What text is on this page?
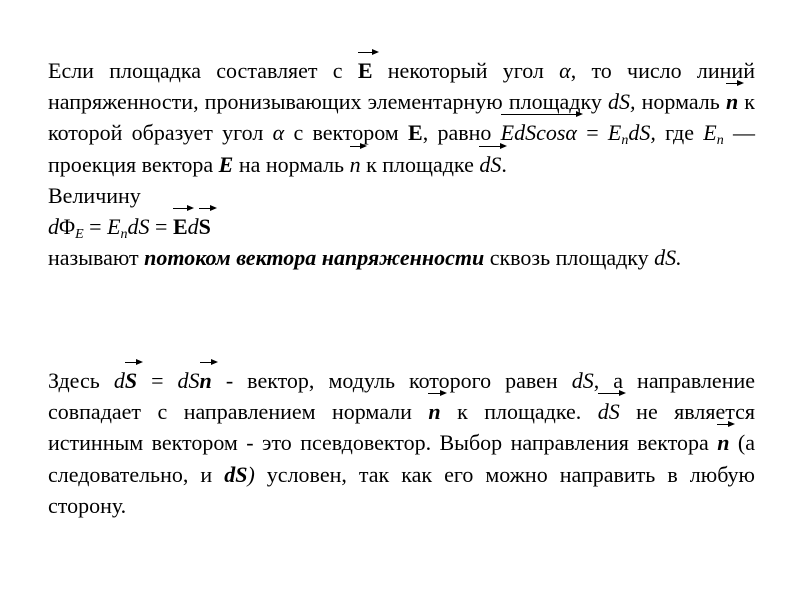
Если площадка составляет с E некоторый угол α, то число линий напряженности, пронизывающих элементарную площадку dS, нормаль n к которой образует угол α с вектором E, равно $EdScos\alpha = E_ndS$, где $E_n$ — проекция вектора E на нормаль n к площадке dS.

Величину

$d\Phi_E = E_ndS$ = EdS

называют потоком вектора напряженности сквозь площадку dS.

Здесь dS = dSn - вектор, модуль которого равен dS, а направление совпадает с направлением нормали n к площадке. dS не является истинным вектором - это псевдовектор. Выбор направления вектора n (а следовательно, и dS) условен, так как его можно направить в любую сторону.
